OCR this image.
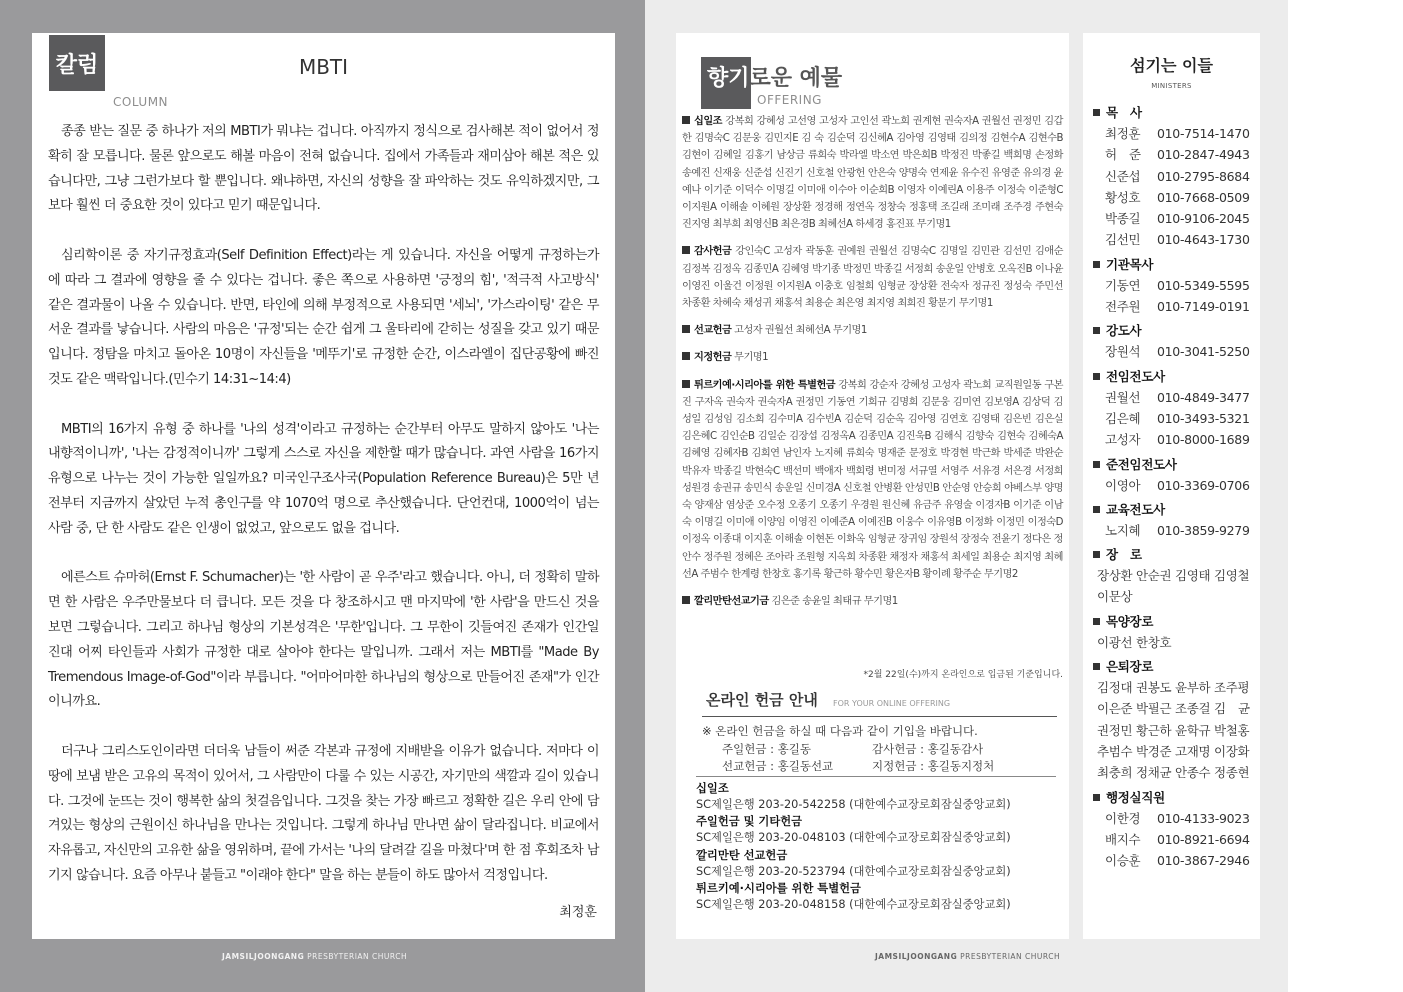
칼럼
COLUMN
MBTI

종종 받는 질문 중 하나가 저의 MBTI가 뭐냐는 겁니다. 아직까지 정식으로 검사해본 적이 없어서 정확히 잘 모릅니다. 물론 앞으로도 해볼 마음이 전혀 없습니다. 집에서 가족들과 재미삼아 해본 적은 있습니다만, 그냥 그런가보다 할 뿐입니다. 왜냐하면, 자신의 성향을 잘 파악하는 것도 유익하겠지만, 그보다 훨씬 더 중요한 것이 있다고 믿기 때문입니다.

심리학이론 중 자기규정효과(Self Definition Effect)라는 게 있습니다. 자신을 어떻게 규정하는가에 따라 그 결과에 영향을 줄 수 있다는 겁니다. 좋은 쪽으로 사용하면 '긍정의 힘', '적극적 사고방식' 같은 결과물이 나올 수 있습니다. 반면, 타인에 의해 부정적으로 사용되면 '세뇌', '가스라이팅' 같은 무서운 결과를 낳습니다. 사람의 마음은 '규정'되는 순간 쉽게 그 울타리에 갇히는 성질을 갖고 있기 때문입니다. 정탐을 마치고 돌아온 10명이 자신들을 '메뚜기'로 규정한 순간, 이스라엘이 집단공황에 빠진 것도 같은 맥락입니다.(민수기 14:31~14:4)

MBTI의 16가지 유형 중 하나를 '나의 성격'이라고 규정하는 순간부터 아무도 말하지 않아도 '나는 내향적이니까', '나는 감정적이니까' 그렇게 스스로 자신을 제한할 때가 많습니다. 과연 사람을 16가지 유형으로 나누는 것이 가능한 일일까요? 미국인구조사국(Population Reference Bureau)은 5만 년 전부터 지금까지 살았던 누적 총인구를 약 1070억 명으로 추산했습니다. 단언컨대, 1000억이 넘는 사람 중, 단 한 사람도 같은 인생이 없었고, 앞으로도 없을 겁니다.

에른스트 슈마허(Ernst F. Schumacher)는 '한 사람이 곧 우주'라고 했습니다. 아니, 더 정확히 말하면 한 사람은 우주만물보다 더 큽니다. 모든 것을 다 창조하시고 맨 마지막에 '한 사람'을 만드신 것을 보면 그렇습니다. 그리고 하나님 형상의 기본성격은 '무한'입니다. 그 무한이 깃들여진 존재가 인간일진대 어찌 타인들과 사회가 규정한 대로 살아야 한다는 말입니까. 그래서 저는 MBTI를 "Made By Tremendous Image-of-God"이라 부릅니다. "어마어마한 하나님의 형상으로 만들어진 존재"가 인간이니까요.

더구나 그리스도인이라면 더더욱 남들이 써준 각본과 규정에 지배받을 이유가 없습니다. 저마다 이 땅에 보냄 받은 고유의 목적이 있어서, 그 사람만이 다룰 수 있는 시공간, 자기만의 색깔과 길이 있습니다. 그것에 눈뜨는 것이 행복한 삶의 첫걸음입니다. 그것을 찾는 가장 빠르고 정확한 길은 우리 안에 담겨있는 형상의 근원이신 하나님을 만나는 것입니다. 그렇게 하나님 만나면 삶이 달라집니다. 비교에서 자유롭고, 자신만의 고유한 삶을 영위하며, 끝에 가서는 '나의 달려갈 길을 마쳤다'며 한 점 후회조차 남기지 않습니다. 요즘 아무나 붙들고 "이래야 한다" 말을 하는 분들이 하도 많아서 걱정입니다.

최정훈
향기로운 예물
OFFERING
십일조 강복희 강혜성 고선영 고성자 고인선 곽노희 권계현 권숙자A 권월선 권정민 김갑한 김명숙C 김문웅 김민지E 김 숙 김순덕 김신혜A 김아영 김영태 김의정 김현수A 김현수B 김현이 김혜일 김홍기 남상금 류희숙 박라엘 박소연 박은희B 박정진 박좋길 백희명 손정화 송예진 신재웅 신준섭 신진기 신호철 안광헌 안은숙 양명숙 연제윤 유수진 유영준 유의경 윤예나 이기준 이덕수 이명길 이미애 이수아 이순희B 이영자 이예린A 이용주 이정숙 이준형C 이지원A 이해솔 이혜원 장상환 정경해 정연옥 정창숙 정홍택 조길래 조미래 조주경 주현숙 진지영 최부희 최영신B 최은경B 최혜선A 하세경 홍진표 무기명1
감사헌금 강인숙C 고성자 곽동훈 권예원 권월선 김명숙C 김명일 김민관 김선민 김애순 김정복 김정옥 김종민A 김혜영 박기종 박정민 박종길 서정희 송운일 안병호 오옥진B 이나윤 이영진 이울건 이정원 이지원A 이충호 임철희 임형균 장상환 전숙자 정규진 정성숙 주민선 차종환 차혜숙 채성귀 채홍석 최용순 최은영 최지영 최희진 황문기 무기명1
선교헌금 고성자 권월선 최혜선A 무기명1
지정헌금 무기명1
튀르키예·시리아를 위한 특별헌금 강복희 강순자 강혜성 고성자 곽노희 교직원일동 구본진 구자옥 권숙자 권숙자A 권정민 기동연 기희규 김명희 김문웅 김미연 김보영A 김상덕 김성일 김성임 김소희 김수미A 김수빈A 김순덕 김순옥 김아영 김연호 김영태 김은빈 김은실 김은혜C 김인순B 김일순 김장섭 김정옥A 김종민A 김진욱B 김해식 김향숙 김현숙 김혜숙A 김혜영 김혜자B 김희연 남인자 노지혜 류희숙 명재준 문정호 박경현 박근화 박세준 박완순 박유자 박종길 박현숙C 백선미 백애자 백희령 변미정 서규열 서영주 서유경 서은경 서정희 성원경 송권규 송민식 송운일 신미경A 신호철 안병환 안성민B 안순영 안승희 야베스부 양명숙 양재삼 염상준 오수정 오종기 오종기 우경원 원신혜 유금주 유영술 이경자B 이기준 이남숙 이명길 이미애 이양임 이영진 이예준A 이예진B 이웅수 이유영B 이정화 이정민 이정숙D 이정옥 이종대 이지훈 이해솔 이현돈 이화옥 임형균 장귀임 장원석 장정숙 전윤기 정다은 정안수 정주원 정혜은 조아라 조원형 지옥희 차종환 채정자 채홍석 최세일 최용순 최지영 최혜선A 주범수 한계령 한창호 홍기록 황근하 황수민 황은자B 황이례 황주순 무기명2
깔리만탄선교기금 김은준 송윤일 최태규 무기명1
*2월 22일(수)까지 온라인으로 입금된 기준입니다.
온라인 헌금 안내 FOR YOUR ONLINE OFFERING
※ 온라인 헌금을 하실 때 다음과 같이 기입을 바랍니다.
주일헌금 : 홍길동	감사헌금 : 홍길동감사
선교헌금 : 홍길동선교	지정헌금 : 홍길동지정처
십일조
SC제일은행 203-20-542258 (대한예수교장로회잠실중앙교회)
주일헌금 및 기타헌금
SC제일은행 203-20-048103 (대한예수교장로회잠실중앙교회)
깔리만탄 선교헌금
SC제일은행 203-20-523794 (대한예수교장로회잠실중앙교회)
튀르키예·시리아를 위한 특별헌금
SC제일은행 203-20-048158 (대한예수교장로회잠실중앙교회)
섬기는 이들
MINISTERS
목　사
최정훈	010-7514-1470
허　준	010-2847-4943
신준섭	010-2795-8684
황성호	010-7668-0509
박종길	010-9106-2045
김선민	010-4643-1730
기관목사
기동연	010-5349-5595
전주원	010-7149-0191
강도사
장원석	010-3041-5250
전임전도사
권월선	010-4849-3477
김은혜	010-3493-5321
고성자	010-8000-1689
준전임전도사
이영아	010-3369-0706
교육전도사
노지혜	010-3859-9279
장　로
장상환 안순권 김영태 김영철
이문상
목양장로
이광선 한창호
은퇴장로
김정대 권봉도 윤부하 조주평
이은준 박필근 조종걸 김　균
권정민 황근하 윤학규 박철홍
추범수 박경준 고재명 이장화
최충희 정채균 안종수 정종현
행정실직원
이한경	010-4133-9023
배지수	010-8921-6694
이승훈	010-3867-2946
JAMSILJOONGANG PRESBYTERIAN CHURCH	JAMSILJOONGANG PRESBYTERIAN CHURCH
